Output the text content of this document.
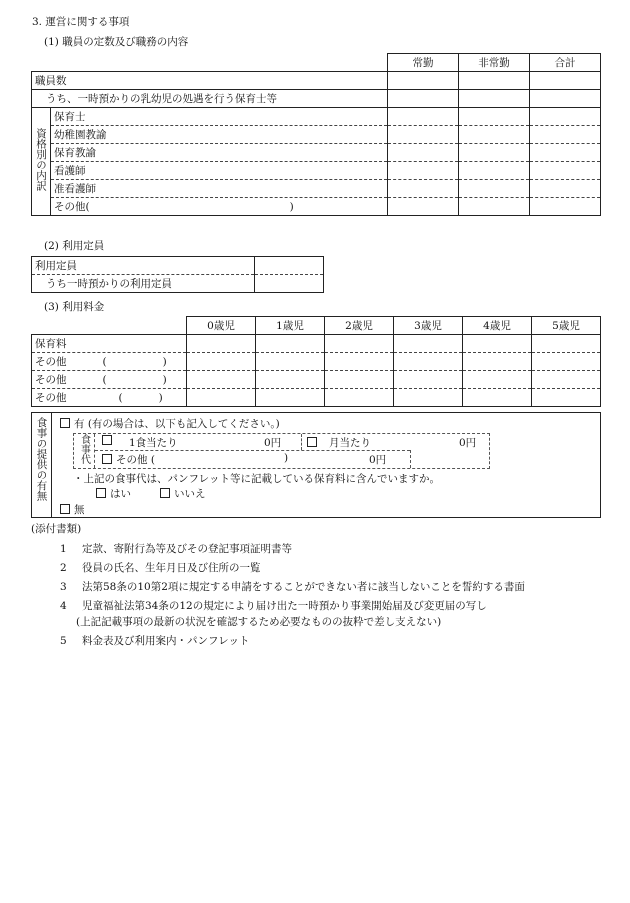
3. 運営に関する事項
(1) 職員の定数及び職務の内容
		常勤	非常勤	合計
職員数				
うち、一時預かりの乳幼児の処遇を行う保育士等				
資格別の内訳	保育士			
	幼稚園教諭			
	保育教諭			
	看護師			
	准看護師			
	その他( )			
(2) 利用定員
利用定員	
うち一時預かりの利用定員	
(3) 利用料金
	0歳児	1歳児	2歳児	3歳児	4歳児	5歳児
保育料						
その他 ( )						
その他 ( )						
その他 ( )						
食事の提供の有無	有 (有の場合は、以下も記入してください。)
食事代	1食当たり	0円	月当たり	0円
その他 (	)	0円
・上記の食事代は、パンフレット等に記載している保育料に含んでいますか。
はい	いいえ
無
(添付書類)
1 定款、寄附行為等及びその登記事項証明書等
2 役員の氏名、生年月日及び住所の一覧
3 法第58条の10第2項に規定する申請をすることができない者に該当しないことを誓約する書面
4 児童福祉法第34条の12の規定により届け出た一時預かり事業開始届及び変更届の写し
(上記記載事項の最新の状況を確認するため必要なものの抜粋で差し支えない)
5 料金表及び利用案内・パンフレット
